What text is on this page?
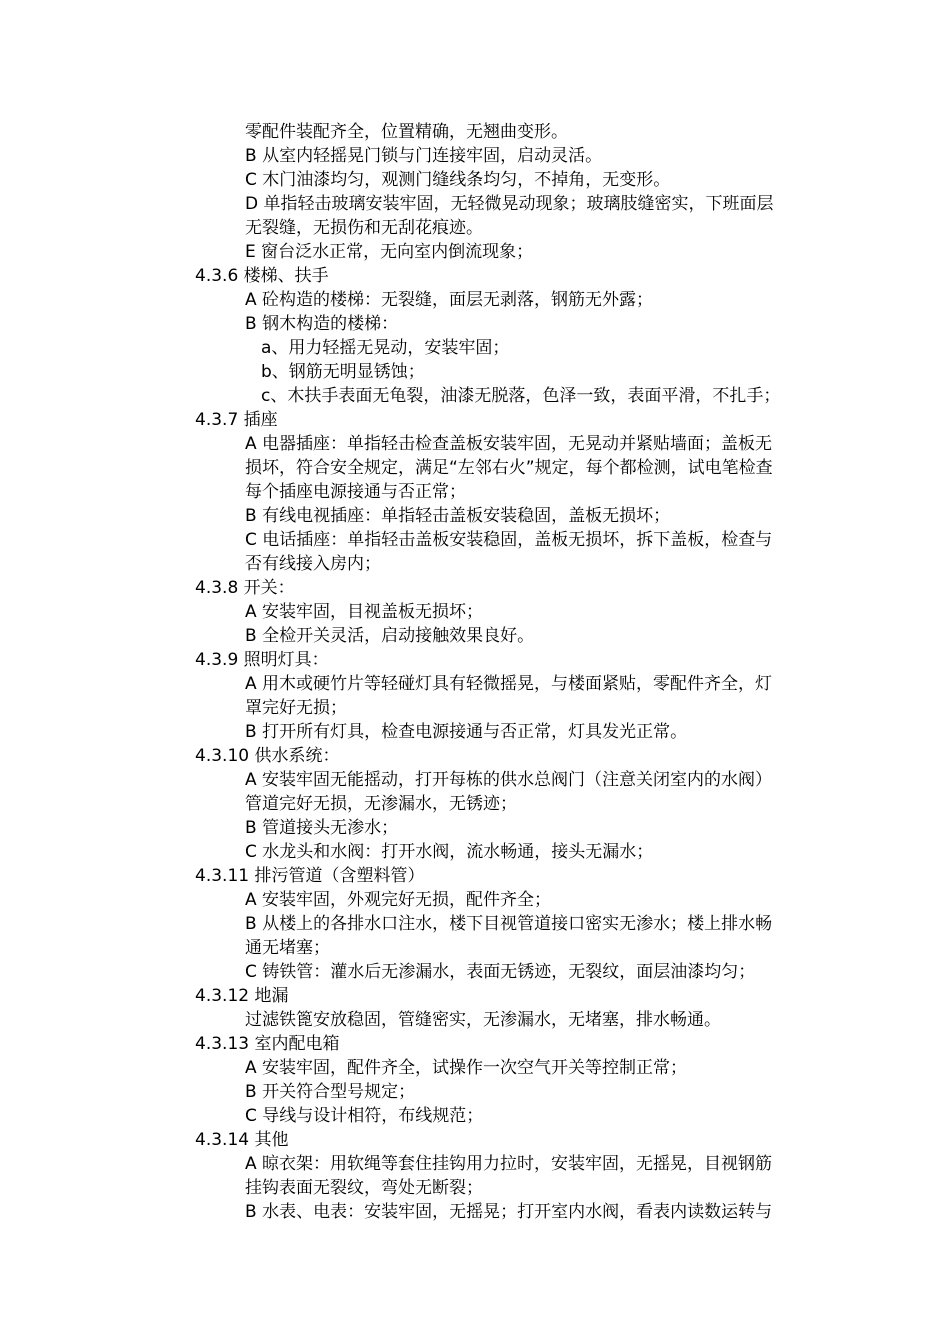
零配件装配齐全，位置精确，无翘曲变形。
B 从室内轻摇晃门锁与门连接牢固，启动灵活。
C 木门油漆均匀，观测门缝线条均匀，不掉角，无变形。
D 单指轻击玻璃安装牢固，无轻微晃动现象；玻璃肢缝密实，下班面层
无裂缝，无损伤和无刮花痕迹。
E 窗台泛水正常，无向室内倒流现象；
4.3.6 楼梯、扶手
A 砼构造的楼梯：无裂缝，面层无剥落，钢筋无外露；
B 钢木构造的楼梯：
a、用力轻摇无晃动，安装牢固；
b、钢筋无明显锈蚀；
c、木扶手表面无龟裂，油漆无脱落，色泽一致，表面平滑，不扎手；
4.3.7 插座
A 电器插座：单指轻击检查盖板安装牢固，无晃动并紧贴墙面；盖板无
损坏，符合安全规定，满足“左邻右火”规定，每个都检测，试电笔检查
每个插座电源接通与否正常；
B 有线电视插座：单指轻击盖板安装稳固，盖板无损坏；
C 电话插座：单指轻击盖板安装稳固，盖板无损坏，拆下盖板，检查与
否有线接入房内；
4.3.8 开关：
A 安装牢固，目视盖板无损坏；
B 全检开关灵活，启动接触效果良好。
4.3.9 照明灯具：
A 用木或硬竹片等轻碰灯具有轻微摇晃，与楼面紧贴，零配件齐全，灯
罩完好无损；
B 打开所有灯具，检查电源接通与否正常，灯具发光正常。
4.3.10 供水系统：
A 安装牢固无能摇动，打开每栋的供水总阀门（注意关闭室内的水阀）
管道完好无损，无渗漏水，无锈迹；
B 管道接头无渗水；
C 水龙头和水阀：打开水阀，流水畅通，接头无漏水；
4.3.11 排污管道（含塑料管）
A 安装牢固，外观完好无损，配件齐全；
B 从楼上的各排水口注水，楼下目视管道接口密实无渗水；楼上排水畅
通无堵塞；
C 铸铁管：灌水后无渗漏水，表面无锈迹，无裂纹，面层油漆均匀；
4.3.12 地漏
过滤铁篦安放稳固，管缝密实，无渗漏水，无堵塞，排水畅通。
4.3.13 室内配电箱
A 安装牢固，配件齐全，试操作一次空气开关等控制正常；
B 开关符合型号规定；
C 导线与设计相符，布线规范；
4.3.14 其他
A 晾衣架：用软绳等套住挂钩用力拉时，安装牢固，无摇晃，目视钢筋
挂钩表面无裂纹，弯处无断裂；
B 水表、电表：安装牢固，无摇晃；打开室内水阀，看表内读数运转与
